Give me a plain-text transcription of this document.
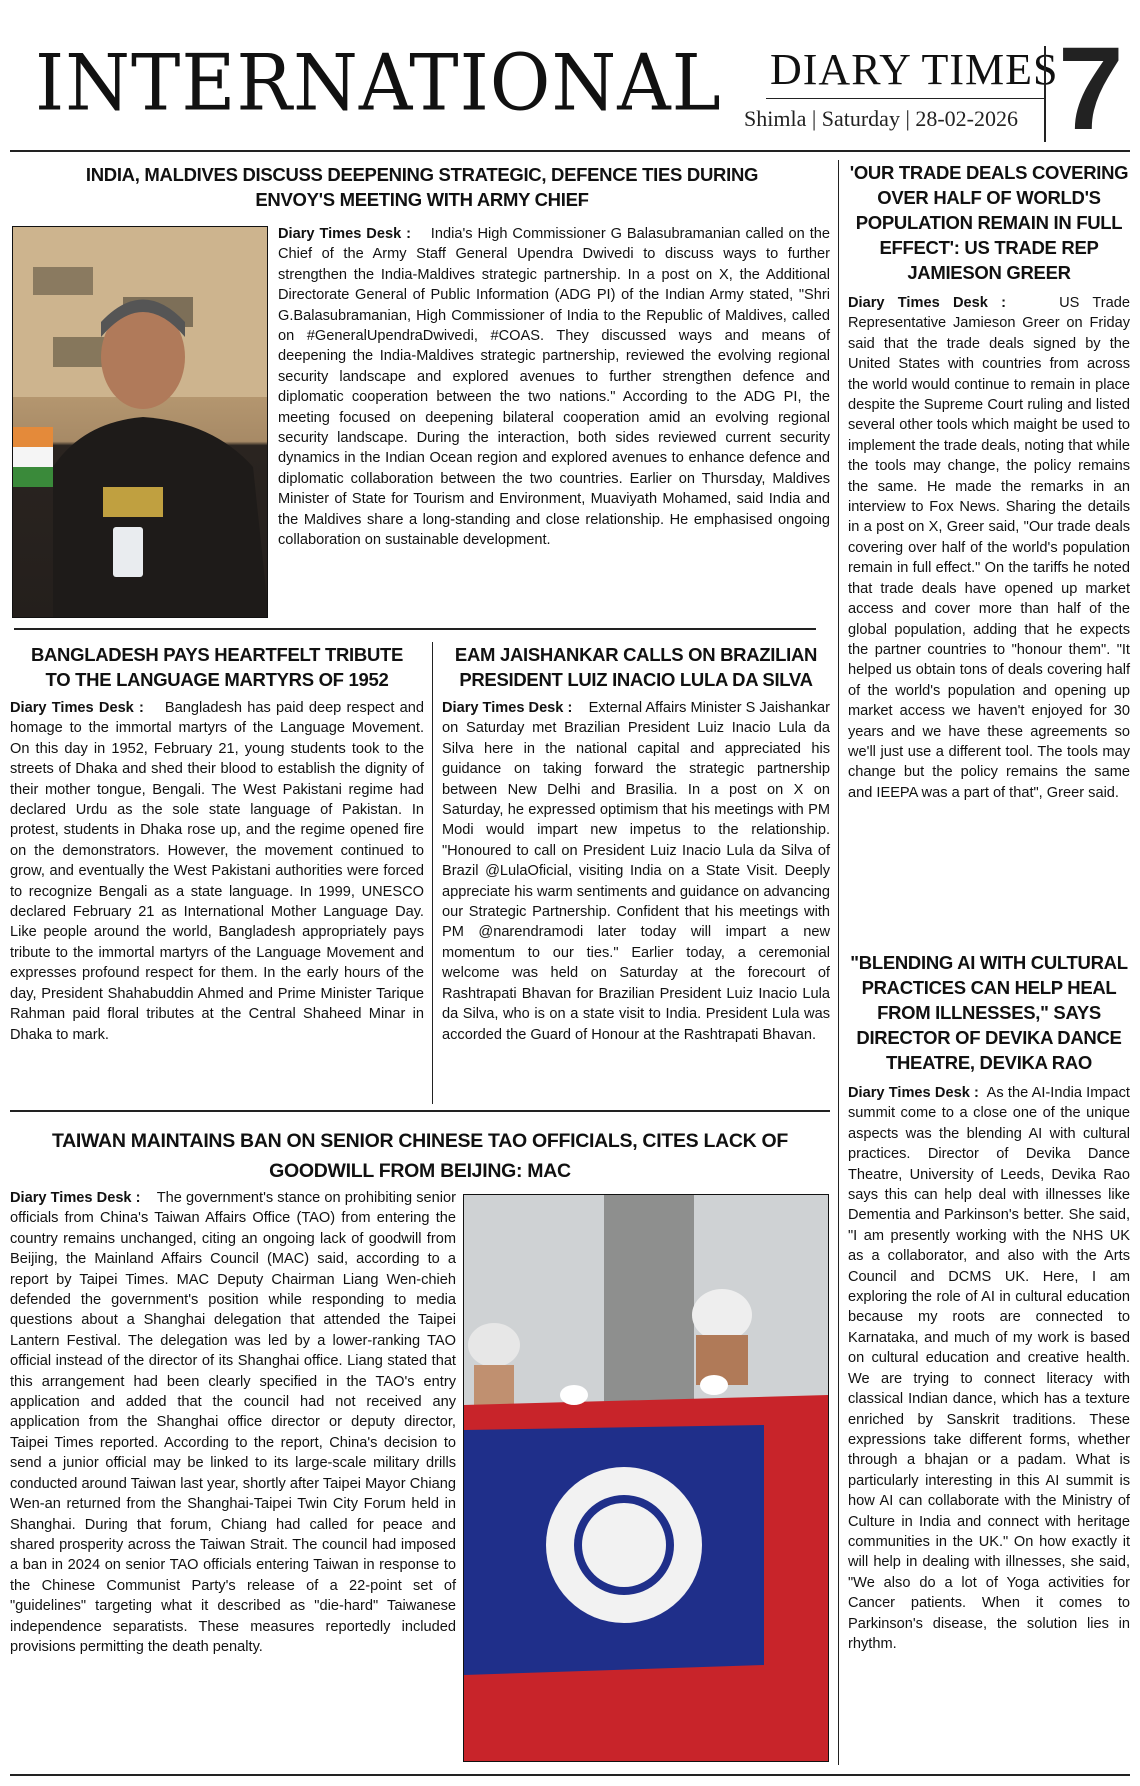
INTERNATIONAL DIARY TIMES
Shimla | Saturday | 28-02-2026 7
INDIA, MALDIVES DISCUSS DEEPENING STRATEGIC, DEFENCE TIES DURING ENVOY'S MEETING WITH ARMY CHIEF
Diary Times Desk : India's High Commissioner G Balasubramanian called on the Chief of the Army Staff General Upendra Dwivedi to discuss ways to further strengthen the India-Maldives strategic partnership. In a post on X, the Additional Directorate General of Public Information (ADG PI) of the Indian Army stated, "Shri G.Balasubramanian, High Commissioner of India to the Republic of Maldives, called on #GeneralUpendraDwivedi, #COAS. They discussed ways and means of deepening the India-Maldives strategic partnership, reviewed the evolving regional security landscape and explored avenues to further strengthen defence and diplomatic cooperation between the two nations." According to the ADG PI, the meeting focused on deepening bilateral cooperation amid an evolving regional security landscape. During the interaction, both sides reviewed current security dynamics in the Indian Ocean region and explored avenues to enhance defence and diplomatic collaboration between the two countries. Earlier on Thursday, Maldives Minister of State for Tourism and Environment, Muaviyath Mohamed, said India and the Maldives share a long-standing and close relationship. He emphasised ongoing collaboration on sustainable development.
BANGLADESH PAYS HEARTFELT TRIBUTE TO THE LANGUAGE MARTYRS OF 1952
Diary Times Desk : Bangladesh has paid deep respect and homage to the immortal martyrs of the Language Movement. On this day in 1952, February 21, young students took to the streets of Dhaka and shed their blood to establish the dignity of their mother tongue, Bengali. The West Pakistani regime had declared Urdu as the sole state language of Pakistan. In protest, students in Dhaka rose up, and the regime opened fire on the demonstrators. However, the movement continued to grow, and eventually the West Pakistani authorities were forced to recognize Bengali as a state language. In 1999, UNESCO declared February 21 as International Mother Language Day. Like people around the world, Bangladesh appropriately pays tribute to the immortal martyrs of the Language Movement and expresses profound respect for them. In the early hours of the day, President Shahabuddin Ahmed and Prime Minister Tarique Rahman paid floral tributes at the Central Shaheed Minar in Dhaka to mark.
EAM JAISHANKAR CALLS ON BRAZILIAN PRESIDENT LUIZ INACIO LULA DA SILVA
Diary Times Desk : External Affairs Minister S Jaishankar on Saturday met Brazilian President Luiz Inacio Lula da Silva here in the national capital and appreciated his guidance on taking forward the strategic partnership between New Delhi and Brasilia. In a post on X on Saturday, he expressed optimism that his meetings with PM Modi would impart new impetus to the relationship. "Honoured to call on President Luiz Inacio Lula da Silva of Brazil @LulaOficial, visiting India on a State Visit. Deeply appreciate his warm sentiments and guidance on advancing our Strategic Partnership. Confident that his meetings with PM @narendramodi later today will impart a new momentum to our ties." Earlier today, a ceremonial welcome was held on Saturday at the forecourt of Rashtrapati Bhavan for Brazilian President Luiz Inacio Lula da Silva, who is on a state visit to India. President Lula was accorded the Guard of Honour at the Rashtrapati Bhavan.
TAIWAN MAINTAINS BAN ON SENIOR CHINESE TAO OFFICIALS, CITES LACK OF GOODWILL FROM BEIJING: MAC
Diary Times Desk : The government's stance on prohibiting senior officials from China's Taiwan Affairs Office (TAO) from entering the country remains unchanged, citing an ongoing lack of goodwill from Beijing, the Mainland Affairs Council (MAC) said, according to a report by Taipei Times. MAC Deputy Chairman Liang Wen-chieh defended the government's position while responding to media questions about a Shanghai delegation that attended the Taipei Lantern Festival. The delegation was led by a lower-ranking TAO official instead of the director of its Shanghai office. Liang stated that this arrangement had been clearly specified in the TAO's entry application and added that the council had not received any application from the Shanghai office director or deputy director, Taipei Times reported. According to the report, China's decision to send a junior official may be linked to its large-scale military drills conducted around Taiwan last year, shortly after Taipei Mayor Chiang Wen-an returned from the Shanghai-Taipei Twin City Forum held in Shanghai. During that forum, Chiang had called for peace and shared prosperity across the Taiwan Strait. The council had imposed a ban in 2024 on senior TAO officials entering Taiwan in response to the Chinese Communist Party's release of a 22-point set of "guidelines" targeting what it described as "die-hard" Taiwanese independence separatists. These measures reportedly included provisions permitting the death penalty.
'OUR TRADE DEALS COVERING OVER HALF OF WORLD'S POPULATION REMAIN IN FULL EFFECT': US TRADE REP JAMIESON GREER
Diary Times Desk :	US Trade Representative Jamieson Greer on Friday said that the trade deals signed by the United States with countries from across the world would continue to remain in place despite the Supreme Court ruling and listed several other tools which maight be used to implement the trade deals, noting that while the tools may change, the policy remains the same. He made the remarks in an interview to Fox News. Sharing the details in a post on X, Greer said, "Our trade deals covering over half of the world's population remain in full effect." On the tariffs he noted that trade deals have opened up market access and cover more than half of the global population, adding that he expects the partner countries to "honour them". "It helped us obtain tons of deals covering half of the world's population and opening up market access we haven't enjoyed for 30 years and we have these agreements so we'll just use a different tool. The tools may change but the policy remains the same and IEEPA was a part of that", Greer said.
"BLENDING AI WITH CULTURAL PRACTICES CAN HELP HEAL FROM ILLNESSES," SAYS DIRECTOR OF DEVIKA DANCE THEATRE, DEVIKA RAO
Diary Times Desk : As the AI-India Impact summit come to a close one of the unique aspects was the blending AI with cultural practices. Director of Devika Dance Theatre, University of Leeds, Devika Rao says this can help deal with illnesses like Dementia and Parkinson's better. She said, "I am presently working with the NHS UK as a collaborator, and also with the Arts Council and DCMS UK. Here, I am exploring the role of AI in cultural education because my roots are connected to Karnataka, and much of my work is based on cultural education and creative health. We are trying to connect literacy with classical Indian dance, which has a texture enriched by Sanskrit traditions. These expressions take different forms, whether through a bhajan or a padam. What is particularly interesting in this AI summit is how AI can collaborate with the Ministry of Culture in India and connect with heritage communities in the UK." On how exactly it will help in dealing with illnesses, she said, "We also do a lot of Yoga activities for Cancer patients. When it comes to Parkinson's disease, the solution lies in rhythm.
